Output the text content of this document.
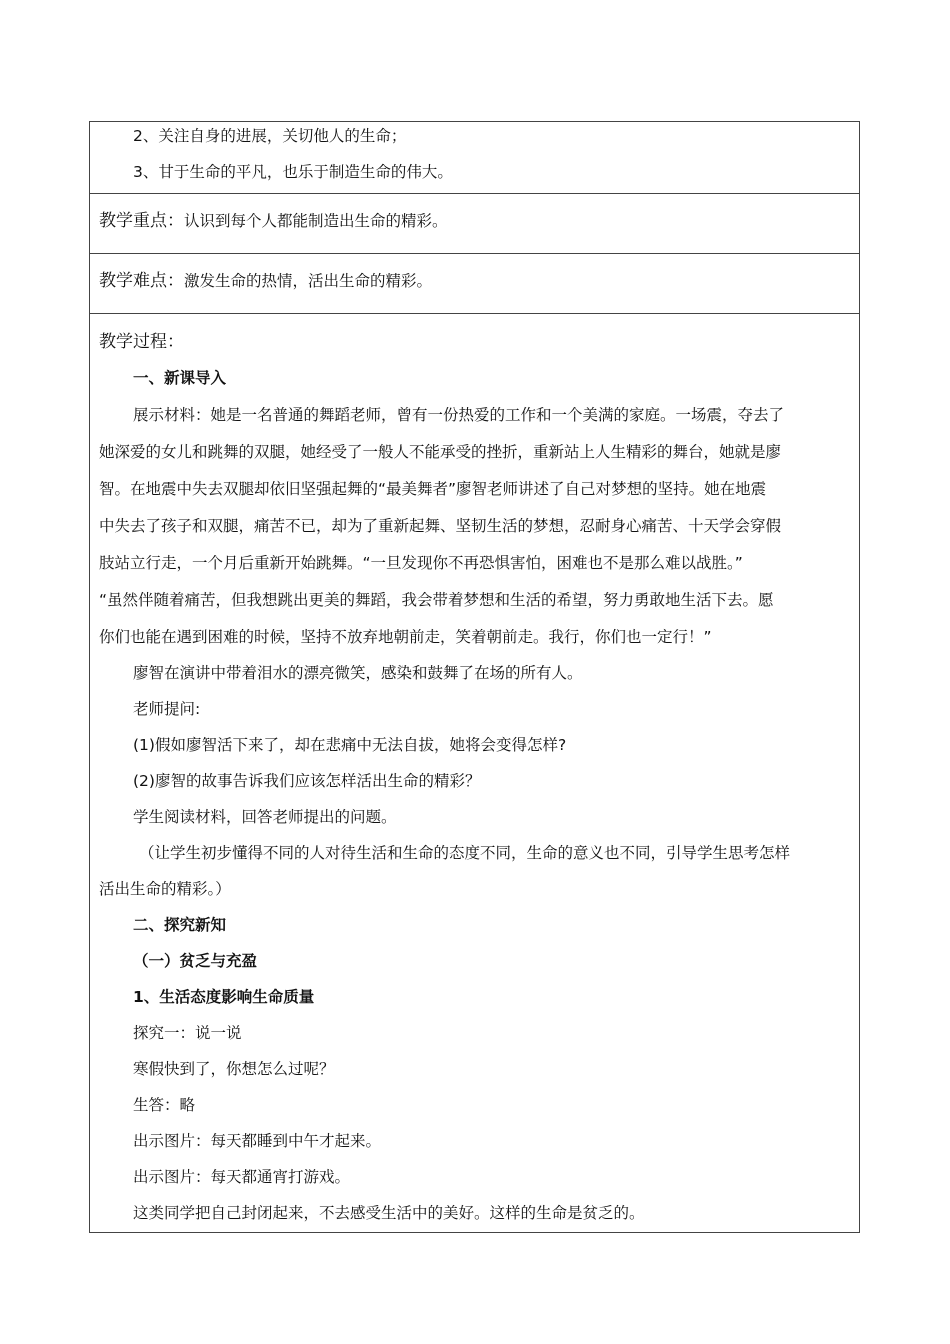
2、关注自身的进展，关切他人的生命；
3、甘于生命的平凡，也乐于制造生命的伟大。
教学重点：认识到每个人都能制造出生命的精彩。
教学难点：激发生命的热情，活出生命的精彩。
教学过程：
一、新课导入
展示材料：她是一名普通的舞蹈老师，曾有一份热爱的工作和一个美满的家庭。一场震，夺去了
她深爱的女儿和跳舞的双腿，她经受了一般人不能承受的挫折，重新站上人生精彩的舞台，她就是廖
智。在地震中失去双腿却依旧坚强起舞的“最美舞者”廖智老师讲述了自己对梦想的坚持。她在地震
中失去了孩子和双腿，痛苦不已，却为了重新起舞、坚韧生活的梦想，忍耐身心痛苦、十天学会穿假
肢站立行走，一个月后重新开始跳舞。“一旦发现你不再恐惧害怕，困难也不是那么难以战胜。”
“虽然伴随着痛苦，但我想跳出更美的舞蹈，我会带着梦想和生活的希望，努力勇敢地生活下去。愿
你们也能在遇到困难的时候，坚持不放弃地朝前走，笑着朝前走。我行，你们也一定行！”
廖智在演讲中带着泪水的漂亮微笑，感染和鼓舞了在场的所有人。
老师提问:
(1)假如廖智活下来了，却在悲痛中无法自拔，她将会变得怎样?
(2)廖智的故事告诉我们应该怎样活出生命的精彩？
学生阅读材料，回答老师提出的问题。
（让学生初步懂得不同的人对待生活和生命的态度不同，生命的意义也不同，引导学生思考怎样
活出生命的精彩。）
二、探究新知
（一）贫乏与充盈
1、生活态度影响生命质量
探究一：说一说
寒假快到了，你想怎么过呢？
生答：略
出示图片：每天都睡到中午才起来。
出示图片：每天都通宵打游戏。
这类同学把自己封闭起来，不去感受生活中的美好。这样的生命是贫乏的。
